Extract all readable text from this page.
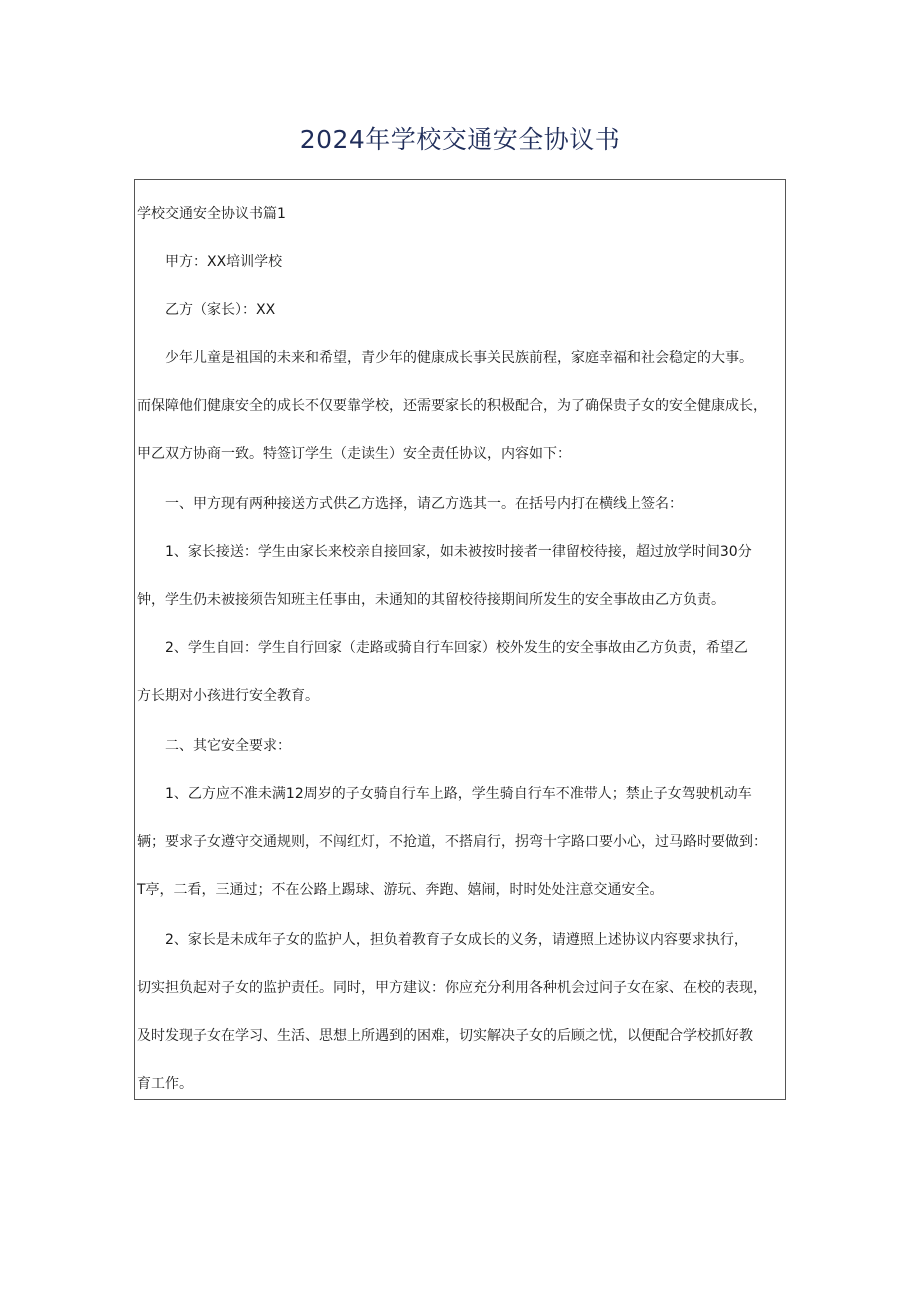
2024年学校交通安全协议书
学校交通安全协议书篇1
甲方：XX培训学校
乙方（家长）：XX
少年儿童是祖国的未来和希望，青少年的健康成长事关民族前程，家庭幸福和社会稳定的大事。
而保障他们健康安全的成长不仅要靠学校，还需要家长的积极配合，为了确保贵子女的安全健康成长，
甲乙双方协商一致。特签订学生（走读生）安全责任协议，内容如下：
一、甲方现有两种接送方式供乙方选择，请乙方选其一。在括号内打在横线上签名：
1、家长接送：学生由家长来校亲自接回家，如未被按时接者一律留校待接，超过放学时间30分
钟，学生仍未被接须告知班主任事由，未通知的其留校待接期间所发生的安全事故由乙方负责。
2、学生自回：学生自行回家（走路或骑自行车回家）校外发生的安全事故由乙方负责，希望乙
方长期对小孩进行安全教育。
二、其它安全要求：
1、乙方应不准未满12周岁的子女骑自行车上路，学生骑自行车不准带人；禁止子女驾驶机动车
辆；要求子女遵守交通规则，不闯红灯，不抢道，不搭肩行，拐弯十字路口要小心，过马路时要做到：
T亭，二看，三通过；不在公路上踢球、游玩、奔跑、嬉闹，时时处处注意交通安全。
2、家长是未成年子女的监护人，担负着教育子女成长的义务，请遵照上述协议内容要求执行，
切实担负起对子女的监护责任。同时，甲方建议：你应充分利用各种机会过问子女在家、在校的表现，
及时发现子女在学习、生活、思想上所遇到的困难，切实解决子女的后顾之忧，以便配合学校抓好教
育工作。
